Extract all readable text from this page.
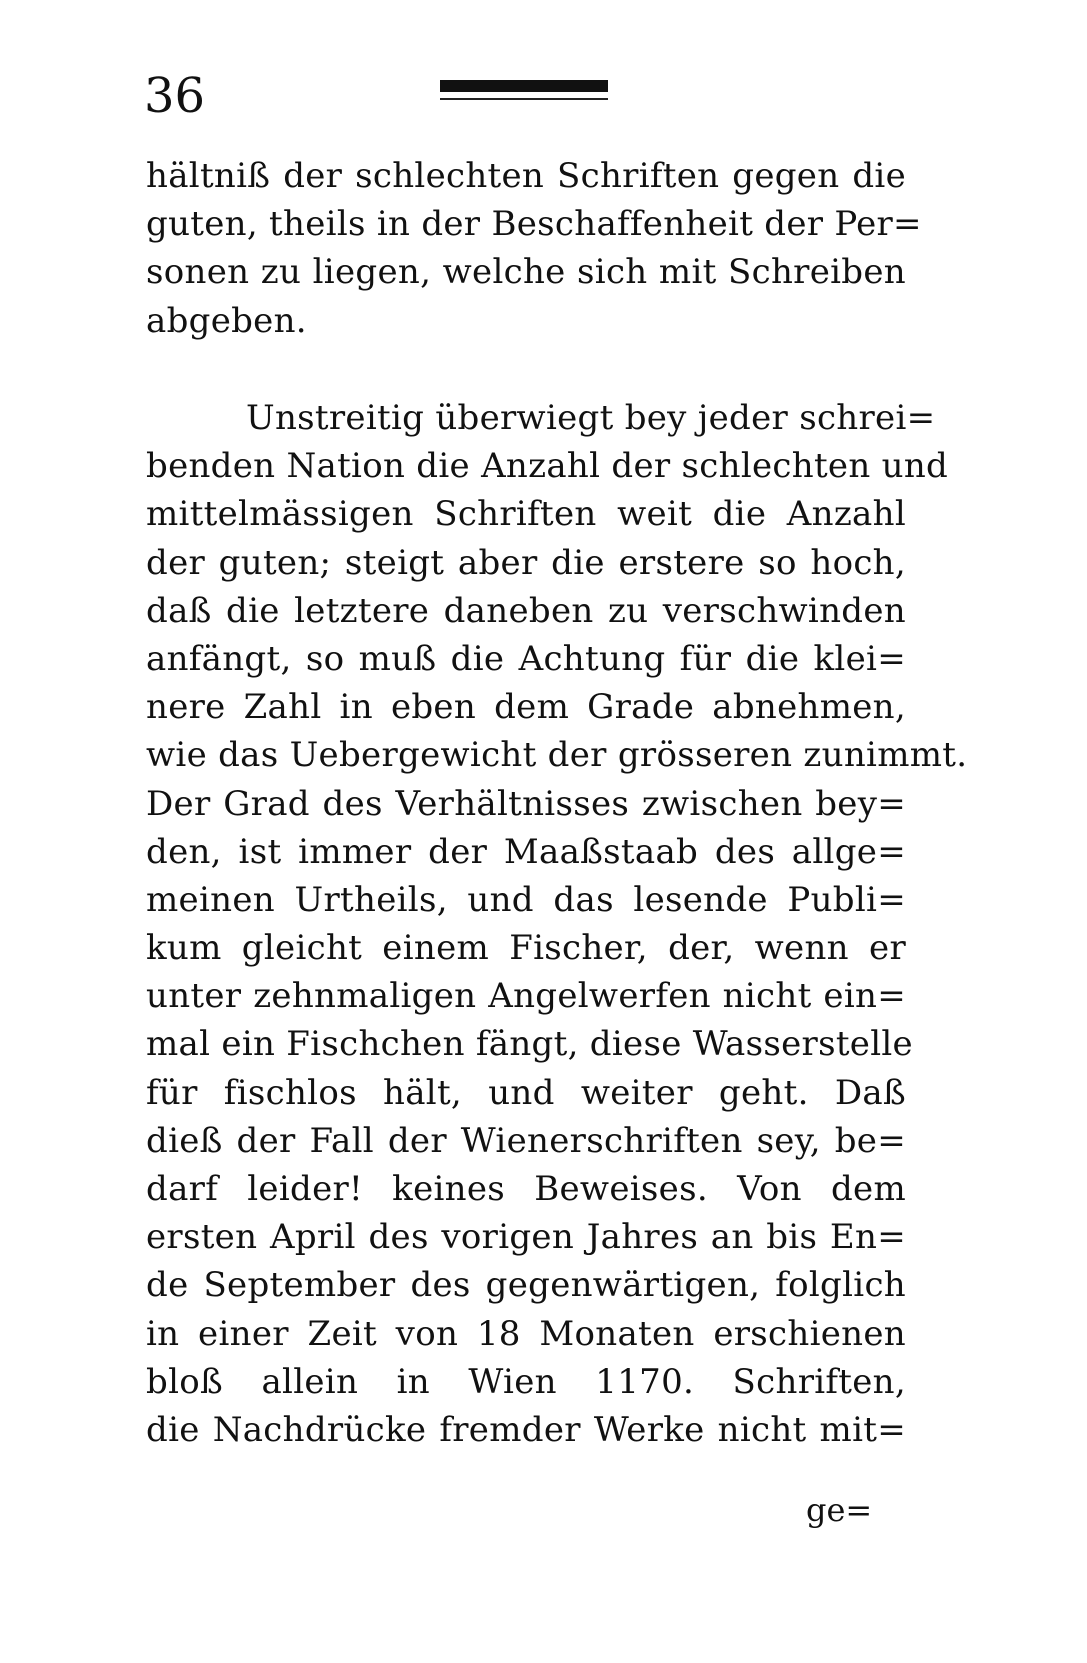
36
hältniß der schlechten Schriften gegen die
guten, theils in der Beschaffenheit der Per=
sonen zu liegen, welche sich mit Schreiben
abgeben.
Unstreitig überwiegt bey jeder schrei=
benden Nation die Anzahl der schlechten und
mittelmässigen Schriften weit die Anzahl
der guten; steigt aber die erstere so hoch,
daß die letztere daneben zu verschwinden
anfängt, so muß die Achtung für die klei=
nere Zahl in eben dem Grade abnehmen,
wie das Uebergewicht der grösseren zunimmt.
Der Grad des Verhältnisses zwischen bey=
den, ist immer der Maaßstaab des allge=
meinen Urtheils, und das lesende Publi=
kum gleicht einem Fischer, der, wenn er
unter zehnmaligen Angelwerfen nicht ein=
mal ein Fischchen fängt, diese Wasserstelle
für fischlos hält, und weiter geht. Daß
dieß der Fall der Wienerschriften sey, be=
darf leider! keines Beweises. Von dem
ersten April des vorigen Jahres an bis En=
de September des gegenwärtigen, folglich
in einer Zeit von 18 Monaten erschienen
bloß allein in Wien 1170. Schriften,
die Nachdrücke fremder Werke nicht mit=
ge=
